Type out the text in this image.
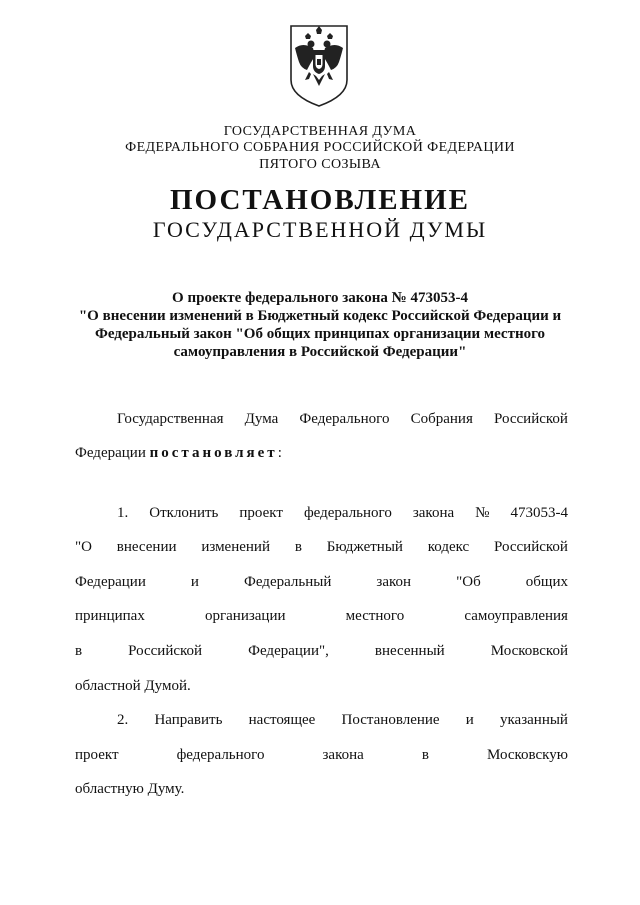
ГОСУДАРСТВЕННАЯ ДУМА
ФЕДЕРАЛЬНОГО СОБРАНИЯ РОССИЙСКОЙ ФЕДЕРАЦИИ
ПЯТОГО СОЗЫВА
ПОСТАНОВЛЕНИЕ
ГОСУДАРСТВЕННОЙ ДУМЫ
О проекте федерального закона № 473053-4
"О внесении изменений в Бюджетный кодекс Российской Федерации и
Федеральный закон "Об общих принципах организации местного
самоуправления в Российской Федерации"
Государственная Дума Федерального Собрания Российской
Федерации постановляет:
1. Отклонить проект федерального закона № 473053-4
"О внесении изменений в Бюджетный кодекс Российской
Федерации	и	Федеральный	закон	"Об	общих
принципах	организации	местного	самоуправления
в	Российской	Федерации",	внесенный	Московской
областной Думой.
2. Направить настоящее Постановление и указанный
проект	федерального	закона	в	Московскую
областную Думу.
